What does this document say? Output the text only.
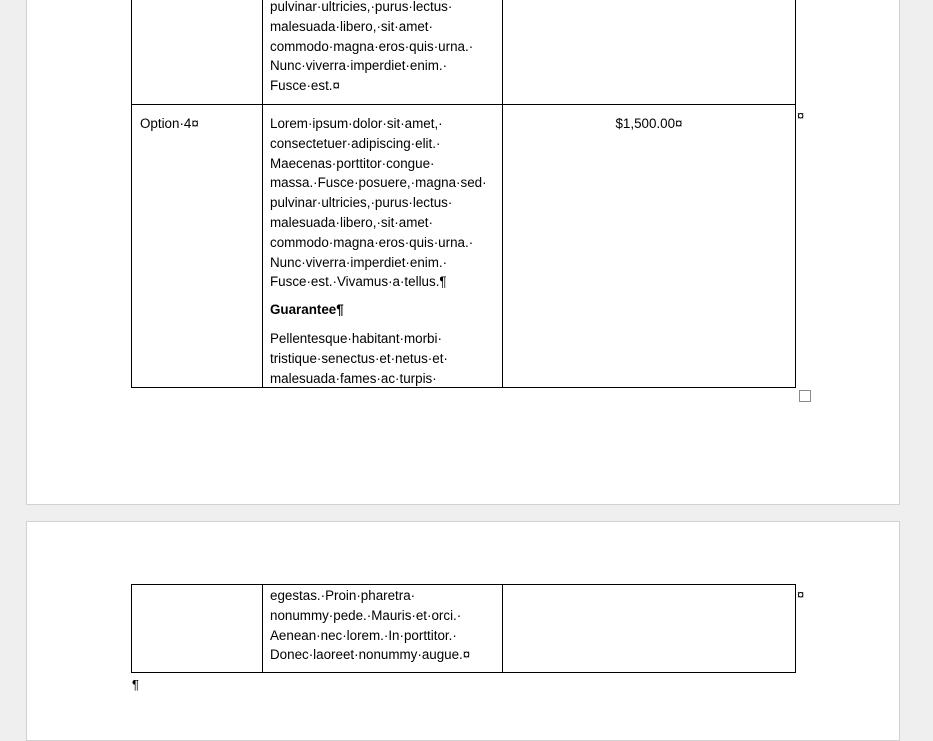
pulvinar·ultricies,·purus·lectus·

malesuada·libero,·sit·amet·

commodo·magna·eros·quis·urna.·

Nunc·viverra·imperdiet·enim.·

Fusce·est.¤

Option·4¤	Lorem·ipsum·dolor·sit·amet,·

consectetuer·adipiscing·elit.·

Maecenas·porttitor·congue·

massa.·Fusce·posuere,·magna·sed·

pulvinar·ultricies,·purus·lectus·

malesuada·libero,·sit·amet·

commodo·magna·eros·quis·urna.·

Nunc·viverra·imperdiet·enim.·

Fusce·est.·Vivamus·a·tellus.¶

Guarantee¶

Pellentesque·habitant·morbi·

tristique·senectus·et·netus·et·

malesuada·fames·ac·turpis·

$1,500.00¤
¤

egestas.·Proin·pharetra·

nonummy·pede.·Mauris·et·orci.·

Aenean·nec·lorem.·In·porttitor.·

Donec·laoreet·nonummy·augue.¤

¤
¶
